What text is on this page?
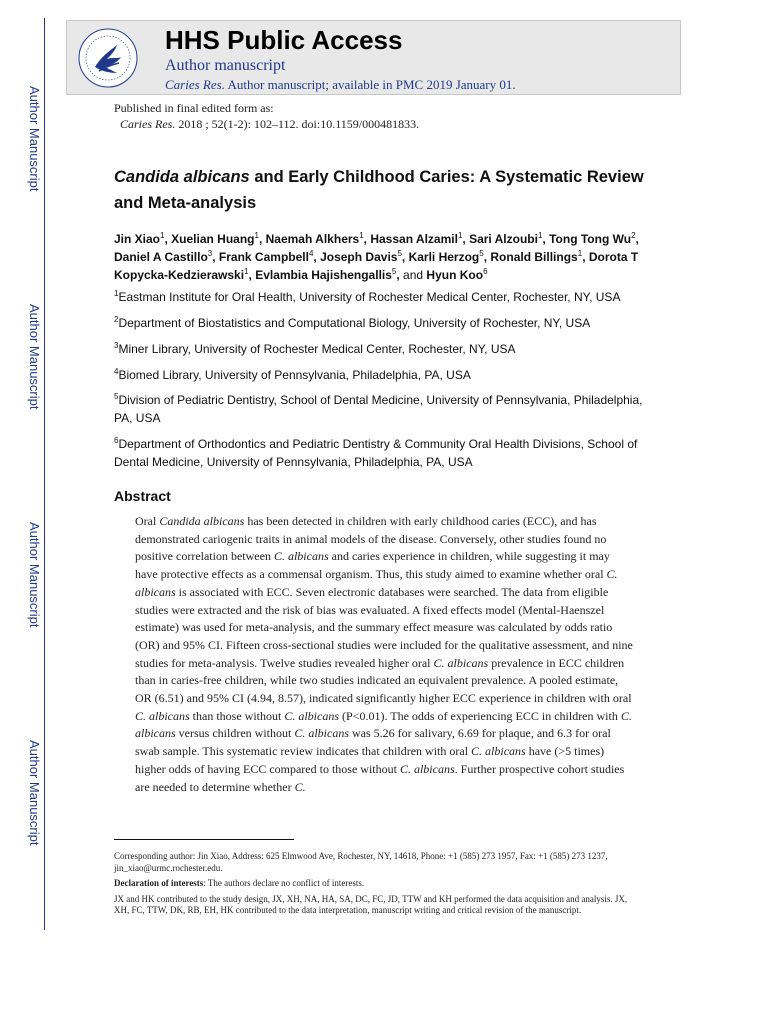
Author Manuscript
Author Manuscript
Author Manuscript
Author Manuscript
HHS Public Access
Author manuscript
Caries Res. Author manuscript; available in PMC 2019 January 01.
Published in final edited form as:
Caries Res. 2018 ; 52(1-2): 102–112. doi:10.1159/000481833.
Candida albicans and Early Childhood Caries: A Systematic Review and Meta-analysis
Jin Xiao$^1$, Xuelian Huang$^1$, Naemah Alkhers$^1$, Hassan Alzamil$^1$, Sari Alzoubi$^1$, Tong Tong Wu$^2$, Daniel A Castillo$^3$, Frank Campbell$^4$, Joseph Davis$^5$, Karli Herzog$^5$, Ronald Billings$^1$, Dorota T Kopycka-Kedzierawski$^1$, Evlambia Hajishengallis$^5$, and Hyun Koo$^6$
$^1$Eastman Institute for Oral Health, University of Rochester Medical Center, Rochester, NY, USA
$^2$Department of Biostatistics and Computational Biology, University of Rochester, NY, USA
$^3$Miner Library, University of Rochester Medical Center, Rochester, NY, USA
$^4$Biomed Library, University of Pennsylvania, Philadelphia, PA, USA
$^5$Division of Pediatric Dentistry, School of Dental Medicine, University of Pennsylvania, Philadelphia, PA, USA
$^6$Department of Orthodontics and Pediatric Dentistry & Community Oral Health Divisions, School of Dental Medicine, University of Pennsylvania, Philadelphia, PA, USA
Abstract
Oral Candida albicans has been detected in children with early childhood caries (ECC), and has demonstrated cariogenic traits in animal models of the disease. Conversely, other studies found no positive correlation between C. albicans and caries experience in children, while suggesting it may have protective effects as a commensal organism. Thus, this study aimed to examine whether oral C. albicans is associated with ECC. Seven electronic databases were searched. The data from eligible studies were extracted and the risk of bias was evaluated. A fixed effects model (Mental-Haenszel estimate) was used for meta-analysis, and the summary effect measure was calculated by odds ratio (OR) and 95% CI. Fifteen cross-sectional studies were included for the qualitative assessment, and nine studies for meta-analysis. Twelve studies revealed higher oral C. albicans prevalence in ECC children than in caries-free children, while two studies indicated an equivalent prevalence. A pooled estimate, OR (6.51) and 95% CI (4.94, 8.57), indicated significantly higher ECC experience in children with oral C. albicans than those without C. albicans (P<0.01). The odds of experiencing ECC in children with C. albicans versus children without C. albicans was 5.26 for salivary, 6.69 for plaque, and 6.3 for oral swab sample. This systematic review indicates that children with oral C. albicans have (>5 times) higher odds of having ECC compared to those without C. albicans. Further prospective cohort studies are needed to determine whether C.

Corresponding author: Jin Xiao, Address: 625 Elmwood Ave, Rochester, NY, 14618, Phone: +1 (585) 273 1957, Fax: +1 (585) 273 1237, jin_xiao@urmc.rochester.edu.

Declaration of interests: The authors declare no conflict of interests.

JX and HK contributed to the study design, JX, XH, NA, HA, SA, DC, FC, JD, TTW and KH performed the data acquisition and analysis. JX, XH, FC, TTW, DK, RB, EH, HK contributed to the data interpretation, manuscript writing and critical revision of the manuscript.
